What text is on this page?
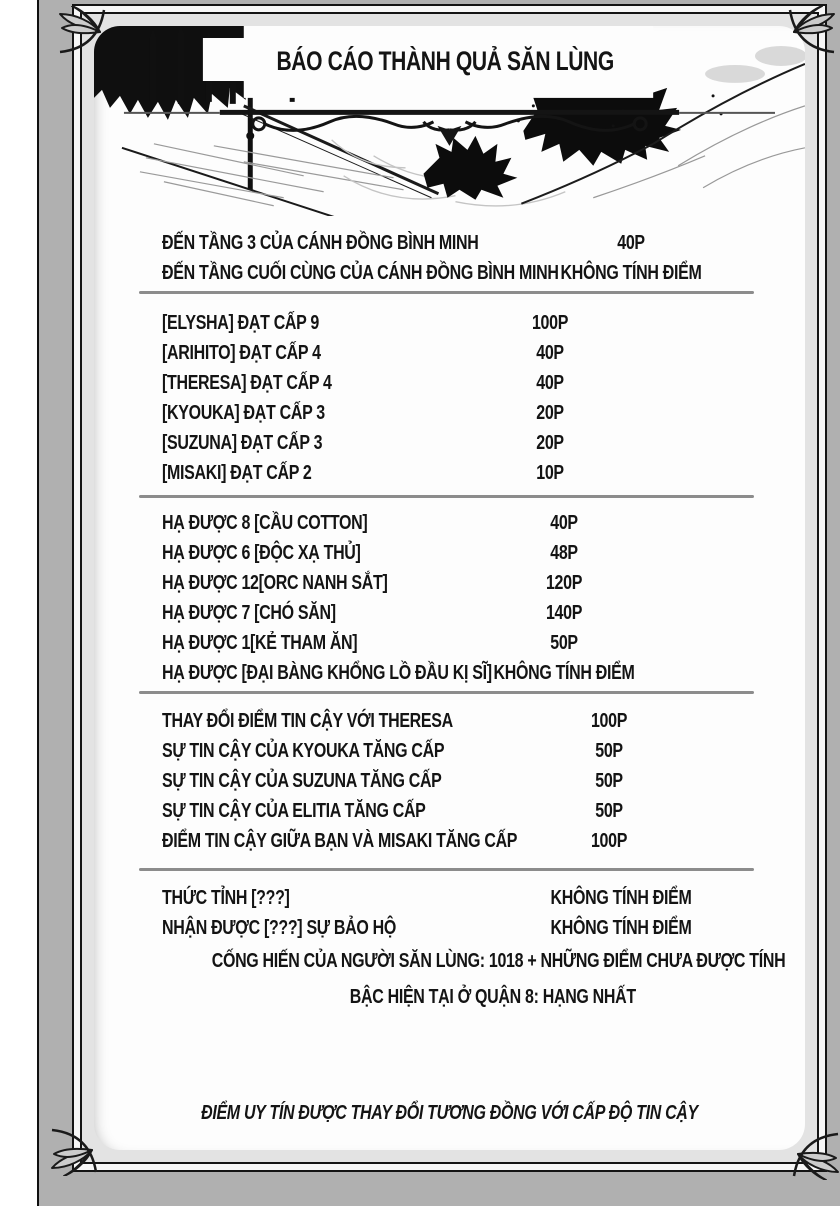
BÁO CÁO THÀNH QUẢ SĂN LÙNG
ĐẾN TẦNG 3 CỦA CÁNH ĐỒNG BÌNH MINH	40P
ĐẾN TẦNG CUỐI CÙNG CỦA CÁNH ĐỒNG BÌNH MINH KHÔNG TÍNH ĐIỂM
[ELYSHA] ĐẠT CẤP 9	100P
[ARIHITO] ĐẠT CẤP 4	40P
[THERESA] ĐẠT CẤP 4	40P
[KYOUKA] ĐẠT CẤP 3	20P
[SUZUNA] ĐẠT CẤP 3	20P
[MISAKI] ĐẠT CẤP 2	10P
HẠ ĐƯỢC 8 [CẦU COTTON]	40P
HẠ ĐƯỢC 6 [ĐỘC XẠ THỦ]	48P
HẠ ĐƯỢC 12[ORC NANH SẮT]	120P
HẠ ĐƯỢC 7 [CHÓ SĂN]	140P
HẠ ĐƯỢC 1[KẺ THAM ĂN]	50P
HẠ ĐƯỢC [ĐẠI BÀNG KHỔNG LỒ ĐẦU KỊ SĨ] KHÔNG TÍNH ĐIỂM
THAY ĐỔI ĐIỂM TIN CẬY VỚI THERESA	100P
SỰ TIN CẬY CỦA KYOUKA TĂNG CẤP	50P
SỰ TIN CẬY CỦA SUZUNA TĂNG CẤP	50P
SỰ TIN CẬY CỦA ELITIA TĂNG CẤP	50P
ĐIỂM TIN CẬY GIỮA BẠN VÀ MISAKI TĂNG CẤP	100P
THỨC TỈNH [???]	KHÔNG TÍNH ĐIỂM
NHẬN ĐƯỢC [???] SỰ BẢO HỘ	KHÔNG TÍNH ĐIỂM
CỐNG HIẾN CỦA NGƯỜI SĂN LÙNG: 1018 + NHỮNG ĐIỂM CHƯA ĐƯỢC TÍNH
BẬC HIỆN TẠI Ở QUẬN 8: HẠNG NHẤT
ĐIỂM UY TÍN ĐƯỢC THAY ĐỔI TƯƠNG ĐỒNG VỚI CẤP ĐỘ TIN CẬY
